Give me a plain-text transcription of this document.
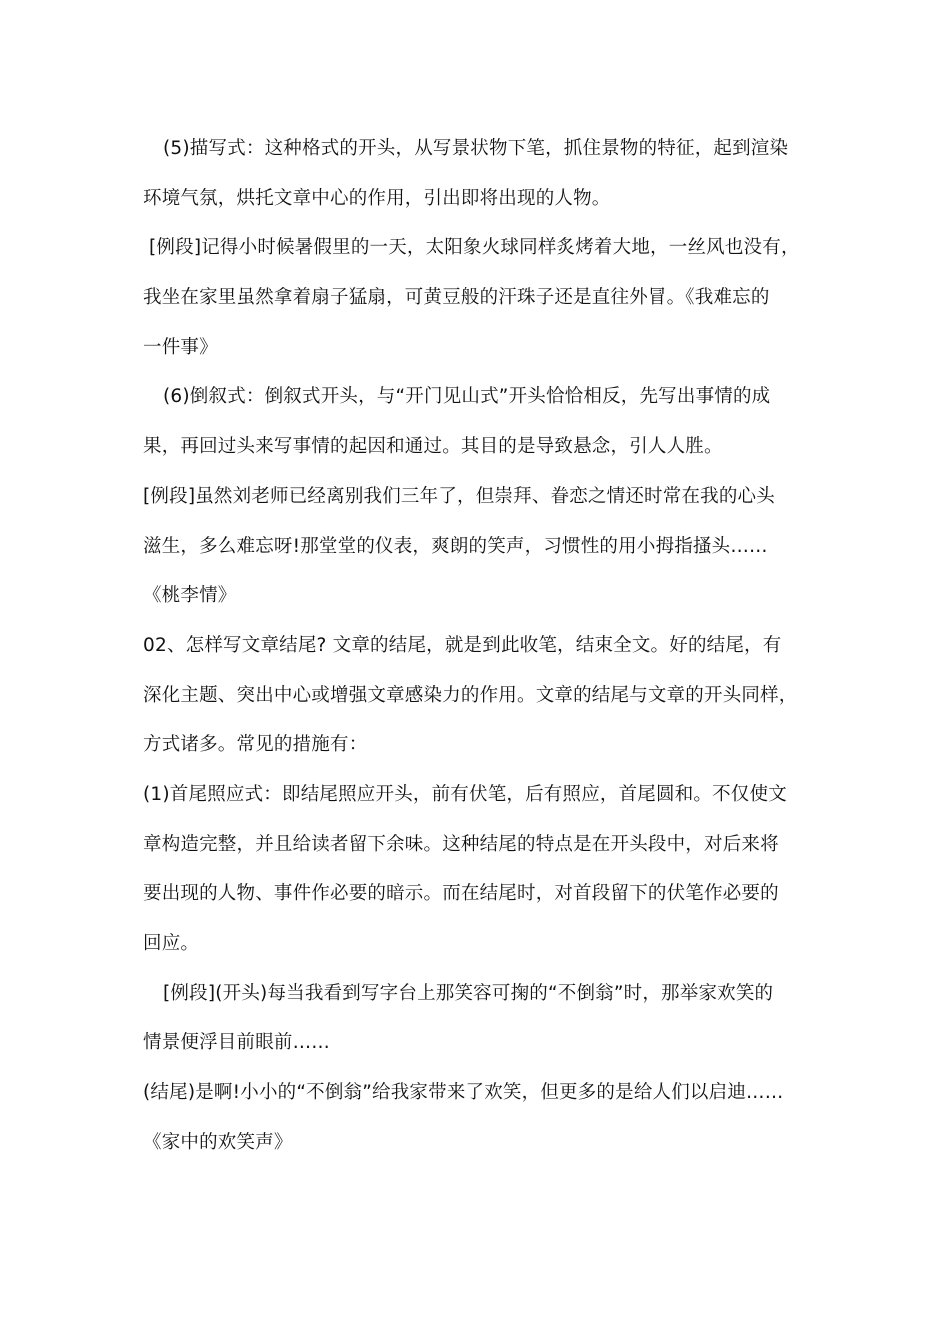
(5)描写式：这种格式的开头，从写景状物下笔，抓住景物的特征，起到渲染
环境气氛，烘托文章中心的作用，引出即将出现的人物。
[例段]记得小时候暑假里的一天，太阳象火球同样炙烤着大地，一丝风也没有，
我坐在家里虽然拿着扇子猛扇，可黄豆般的汗珠子还是直往外冒。《我难忘的
一件事》
(6)倒叙式：倒叙式开头，与“开门见山式”开头恰恰相反，先写出事情的成
果，再回过头来写事情的起因和通过。其目的是导致悬念，引人人胜。
[例段]虽然刘老师已经离别我们三年了，但崇拜、眷恋之情还时常在我的心头
滋生，多么难忘呀!那堂堂的仪表，爽朗的笑声，习惯性的用小拇指搔头……
《桃李情》
02、怎样写文章结尾? 文章的结尾，就是到此收笔，结束全文。好的结尾，有
深化主题、突出中心或增强文章感染力的作用。文章的结尾与文章的开头同样，
方式诸多。常见的措施有：
(1)首尾照应式：即结尾照应开头，前有伏笔，后有照应，首尾圆和。不仅使文
章构造完整，并且给读者留下余味。这种结尾的特点是在开头段中，对后来将
要出现的人物、事件作必要的暗示。而在结尾时，对首段留下的伏笔作必要的
回应。
[例段](开头)每当我看到写字台上那笑容可掬的“不倒翁”时，那举家欢笑的
情景便浮目前眼前……
(结尾)是啊!小小的“不倒翁”给我家带来了欢笑，但更多的是给人们以启迪……
《家中的欢笑声》
